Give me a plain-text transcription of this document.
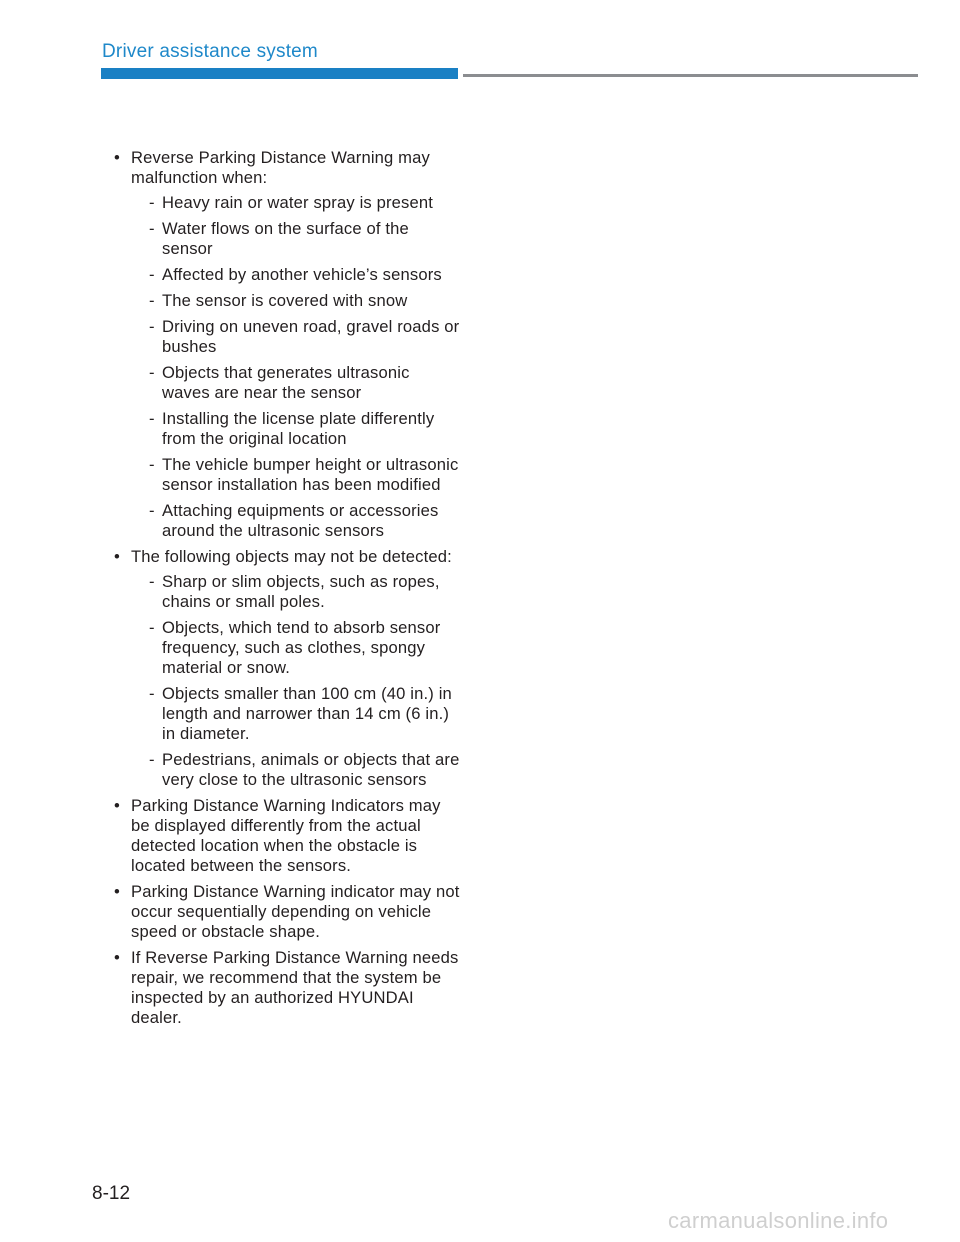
Driver assistance system
• Reverse Parking Distance Warning may malfunction when:
- Heavy rain or water spray is present
- Water flows on the surface of the sensor
- Affected by another vehicle’s sensors
- The sensor is covered with snow
- Driving on uneven road, gravel roads or bushes
- Objects that generates ultrasonic waves are near the sensor
- Installing the license plate differently from the original location
- The vehicle bumper height or ultrasonic sensor installation has been modified
- Attaching equipments or accessories around the ultrasonic sensors
• The following objects may not be detected:
- Sharp or slim objects, such as ropes, chains or small poles.
- Objects, which tend to absorb sensor frequency, such as clothes, spongy material or snow.
- Objects smaller than 100 cm (40 in.) in length and narrower than 14 cm (6 in.) in diameter.
- Pedestrians, animals or objects that are very close to the ultrasonic sensors
• Parking Distance Warning Indicators may be displayed differently from the actual detected location when the obstacle is located between the sensors.
• Parking Distance Warning indicator may not occur sequentially depending on vehicle speed or obstacle shape.
• If Reverse Parking Distance Warning needs repair, we recommend that the system be inspected by an authorized HYUNDAI dealer.
8-12
carmanualsonline.info
